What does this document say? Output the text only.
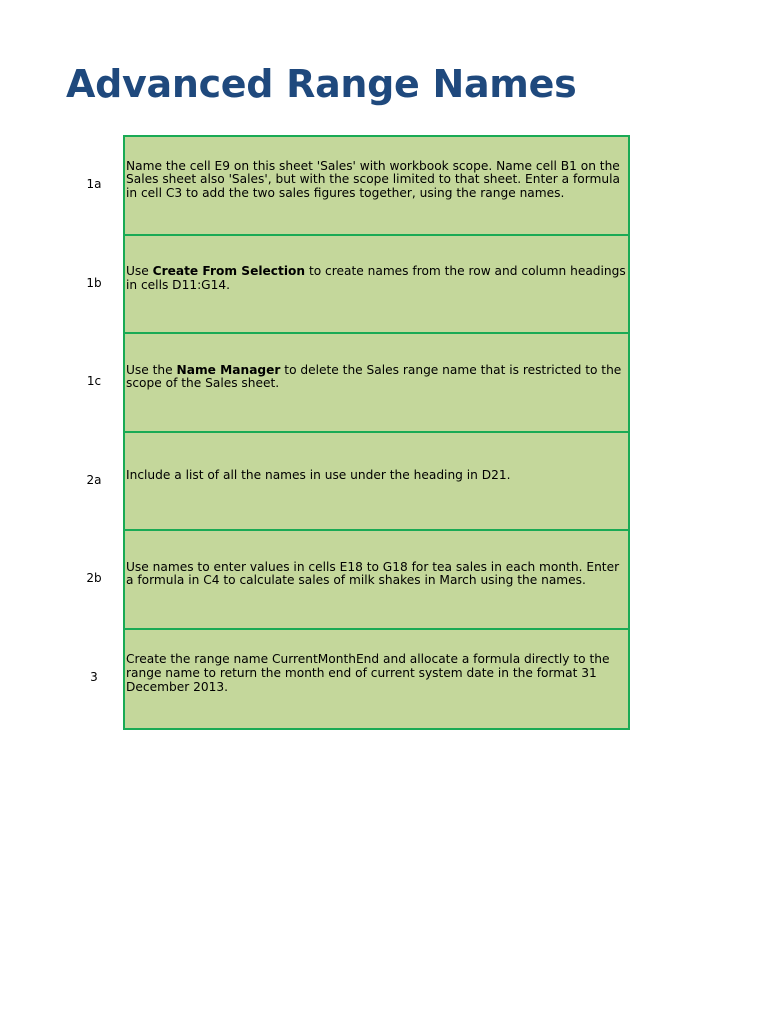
Advanced Range Names
1a
1b
1c
2a
2b
3
Name the cell E9 on this sheet 'Sales' with workbook scope. Name cell B1 on the Sales sheet also 'Sales', but with the scope limited to that sheet. Enter a formula in cell C3 to add the two sales figures together, using the range names.
Use Create From Selection to create names from the row and column headings in cells D11:G14.
Use the Name Manager to delete the Sales range name that is restricted to the scope of the Sales sheet.
Include a list of all the names in use under the heading in D21.
Use names to enter values in cells E18 to G18 for tea sales in each month. Enter a formula in C4 to calculate sales of milk shakes in March using the names.
Create the range name CurrentMonthEnd and allocate a formula directly to the range name to return the month end of current system date in the format 31 December 2013.
